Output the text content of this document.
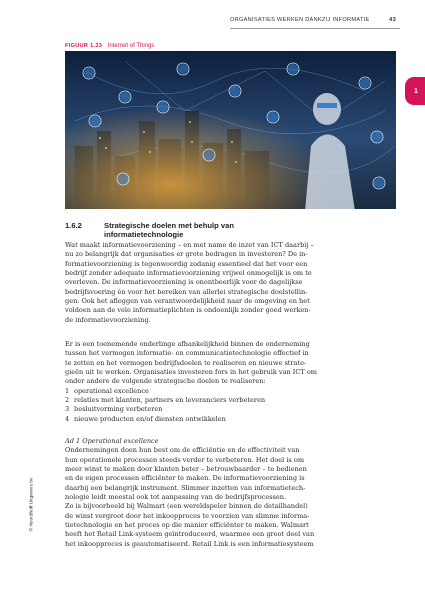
ORGANISATIES WERKEN DANKZIJ INFORMATIE	43
1
FIGUUR 1.33 Internet of Things
1.6.2	Strategische doelen met behulp van informatietechnologie
Wat maakt informatievoorziening – en met name de inzet van ICT daarbij –
nu zo belangrijk dat organisaties er grote bedragen in investeren? De in-
formatievoorziening is tegenwoordig zodanig essentieel dat het voor een
bedrijf zonder adequate informatievoorziening vrijwel onmogelijk is om te
overleven. De informatievoorziening is onontbeerlijk voor de dagelijkse
bedrijfsvoering én voor het bereiken van allerlei strategische doelstellin-
gen. Ook het afleggen van verantwoordelijkheid naar de omgeving en het
voldoen aan de vele informatieplichten is ondoenlijk zonder goed werken-
de informatievoorziening.
Er is een toenemende onderlinge afhankelijkheid binnen de onderneming
tussen het vermogen informatie- en communicatietechnologie effectief in
te zetten en het vermogen bedrijfsdoelen te realiseren en nieuwe strate-
gieën uit te werken. Organisaties investeren fors in het gebruik van ICT om
onder andere de volgende strategische doelen te realiseren:
1 operational excellence
2 relaties met klanten, partners en leveranciers verbeteren
3 besluitvorming verbeteren
4 nieuwe producten en/of diensten ontwikkelen
Ad 1 Operational excellence
Ondernemingen doen hun best om de efficiëntie en de effectiviteit van
hun operationele processen steeds verder te verbeteren. Het doel is om
meer winst te maken door klanten beter – betrouwbaarder – te bedienen
en de eigen processen efficiënter te maken. De informatievoorziening is
daarbij een belangrijk instrument. Slimmer inzetten van informatietech-
nologie leidt meestal ook tot aanpassing van de bedrijfsprocessen.
Zo is bijvoorbeeld bij Walmart (een wereldspeler binnen de detailhandel)
de winst vergroot door het inkoopproces te voorzien van slimme informa-
tietechnologie en het proces op die manier efficiënter te maken. Walmart
heeft het Retail Link-systeem geïntroduceerd, waarmee een groot deel van
het inkoopproces is geautomatiseerd. Retail Link is een informatiesysteem
© Noordhoff Uitgevers bv
